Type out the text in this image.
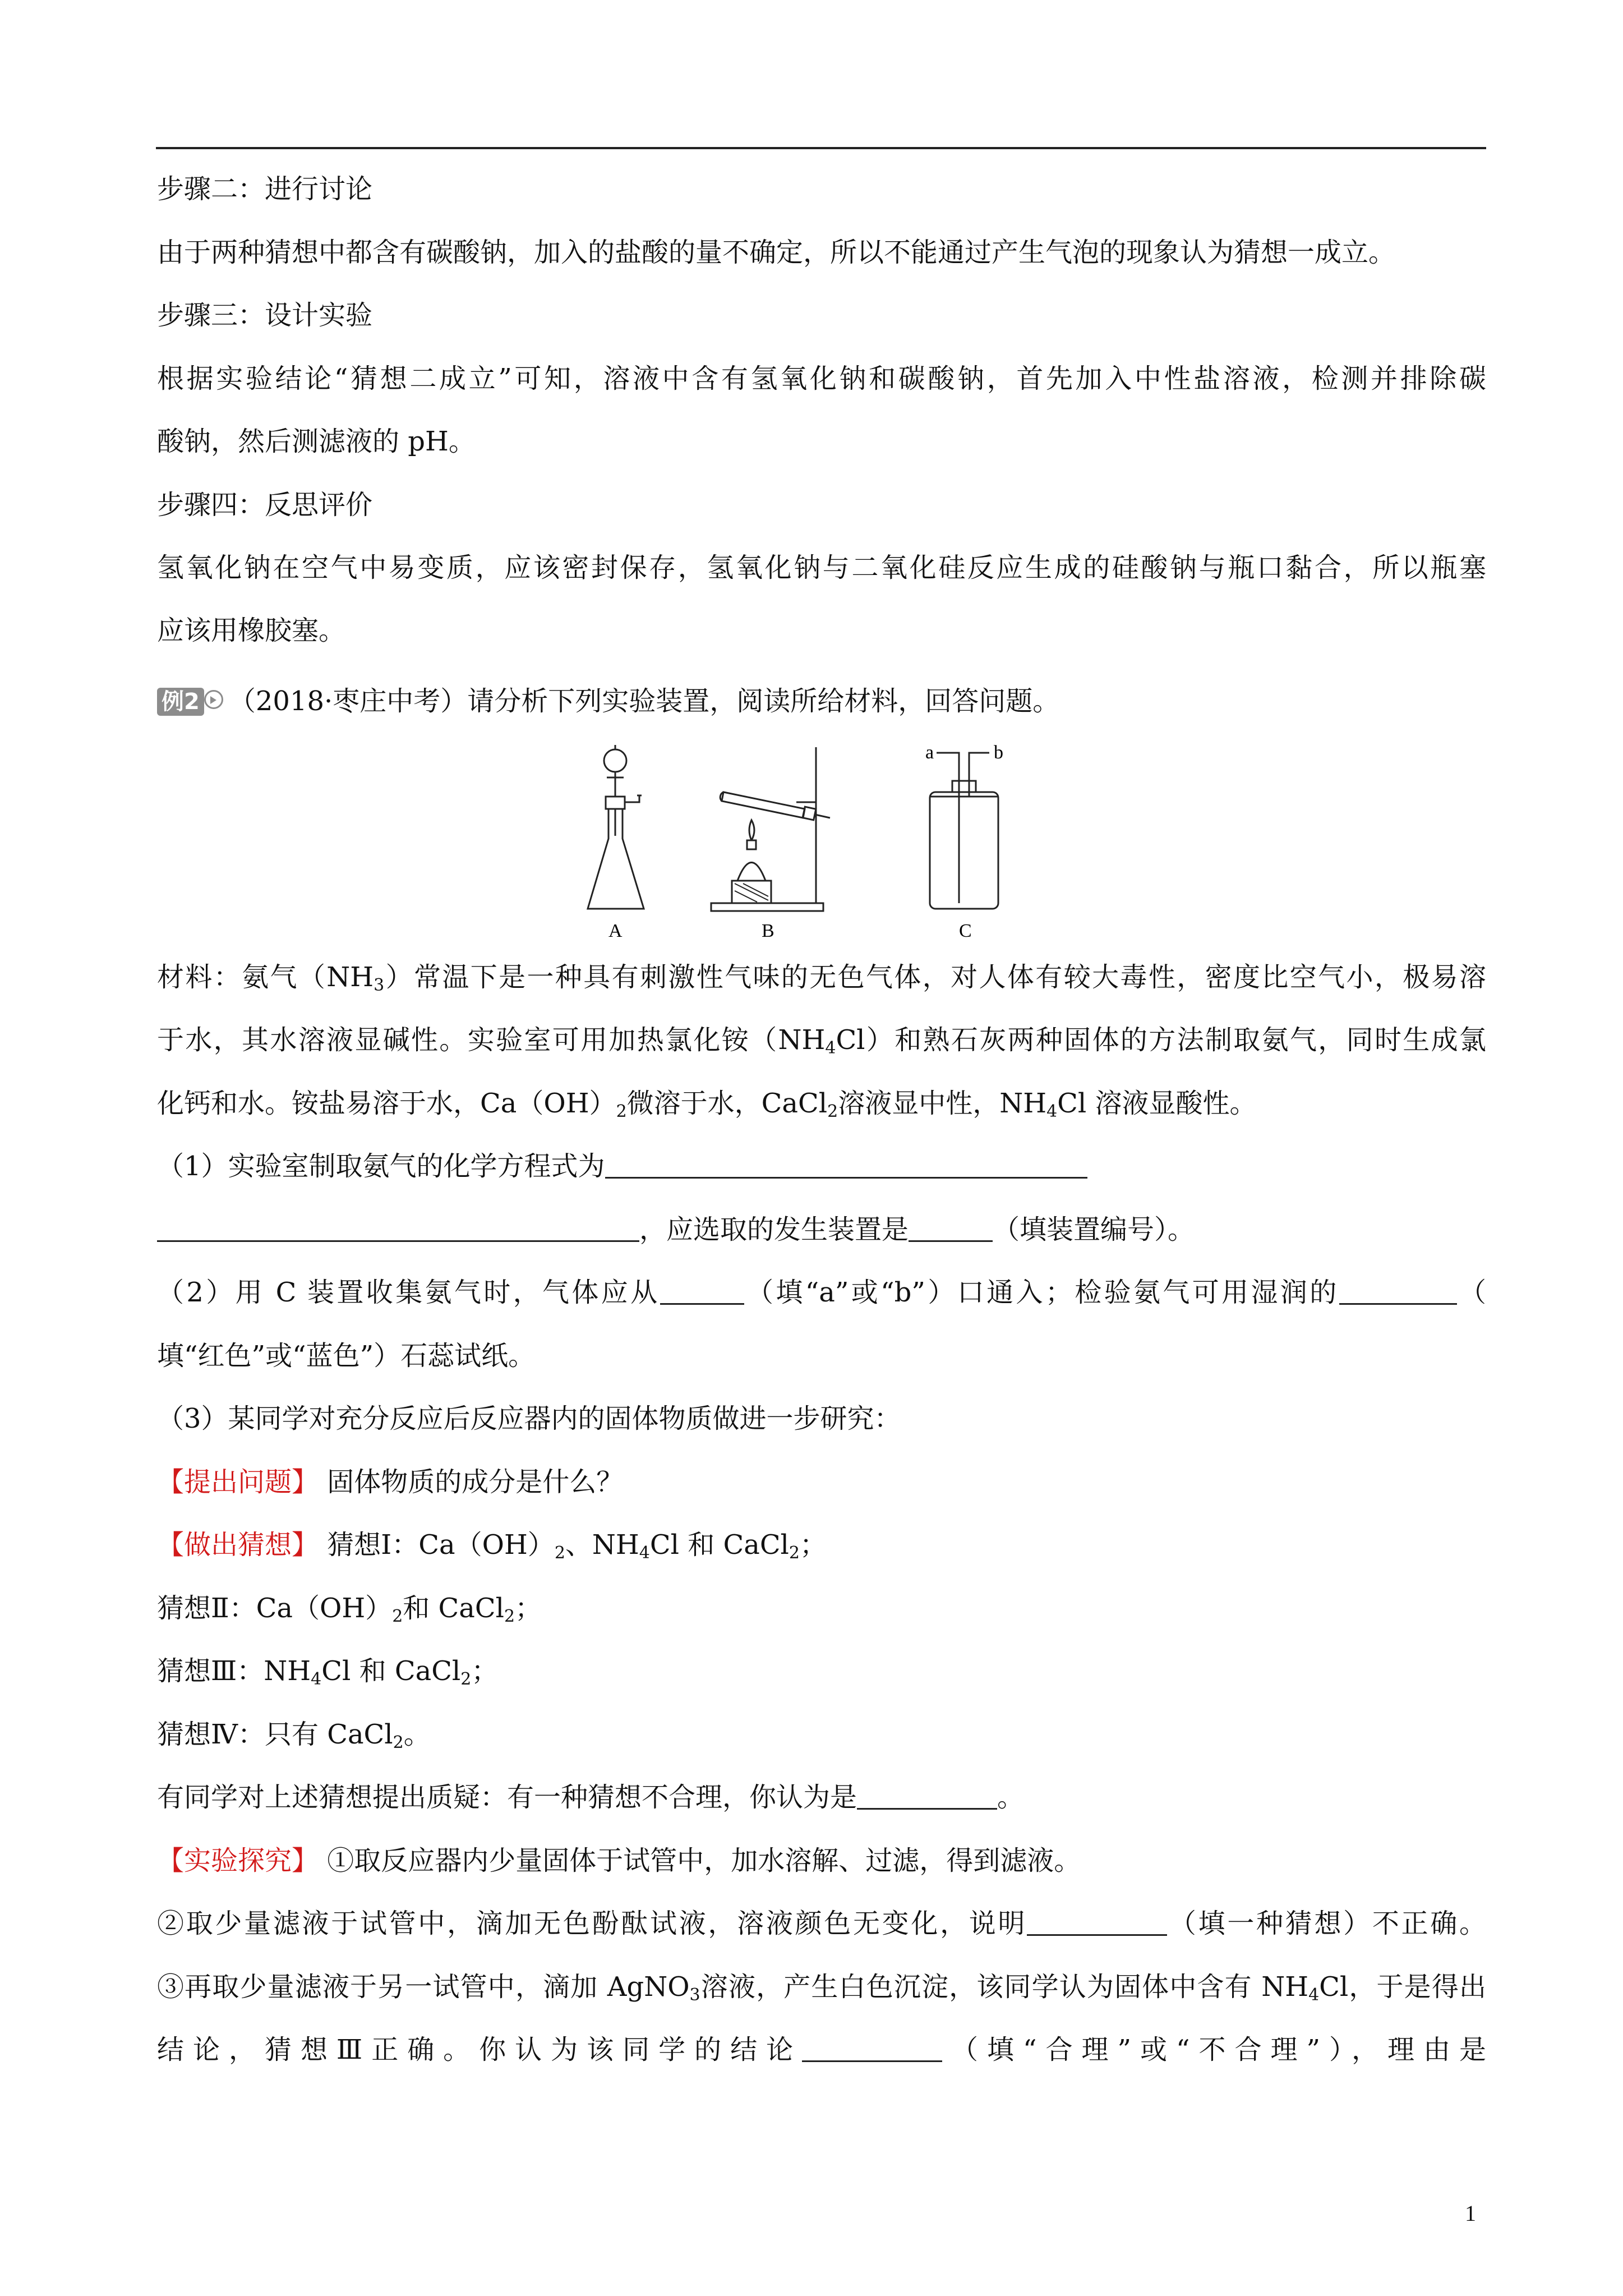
步骤二：进行讨论
由于两种猜想中都含有碳酸钠，加入的盐酸的量不确定，所以不能通过产生气泡的现象认为猜想一成立。
步骤三：设计实验
根据实验结论“猜想二成立”可知，溶液中含有氢氧化钠和碳酸钠，首先加入中性盐溶液，检测并排除碳
酸钠，然后测滤液的 pH。
步骤四：反思评价
氢氧化钠在空气中易变质，应该密封保存，氢氧化钠与二氧化硅反应生成的硅酸钠与瓶口黏合，所以瓶塞
应该用橡胶塞。
例2 （2018·枣庄中考）请分析下列实验装置，阅读所给材料，回答问题。
A	B
a	b
C
材料：氨气$(NH_3)$常温下是一种具有刺激性气味的无色气体，对人体有较大毒性，密度比空气小，极易溶
于水，其水溶液显碱性。实验室可用加热氯化铵$(NH_4Cl)$和熟石灰两种固体的方法制取氨气，同时生成氯
化钙和水。铵盐易溶于水，$Ca(OH)_2$微溶于水，CaCl$_2$溶液显中性，$NH_4Cl$ 溶液显酸性。
（1）实验室制取氨气的化学方程式为
，应选取的发生装置是	（填装置编号）。
（2）用 C 装置收集氨气时，气体应从	（填“a”或“b”）口通入；检验氨气可用湿润的	（
填“红色”或“蓝色”）石蕊试纸。
（3）某同学对充分反应后反应器内的固体物质做进一步研究：
【提出问题】 固体物质的成分是什么？
【做出猜想】 猜想Ⅰ：$Ca(OH)_2$、$NH_4Cl$ 和 CaCl$_2$；
猜想Ⅱ：$Ca(OH)_2$和 CaCl$_2$；
猜想Ⅲ：$NH_4Cl$ 和 CaCl$_2$；
猜想Ⅳ：只有 CaCl$_2$。
有同学对上述猜想提出质疑：有一种猜想不合理，你认为是	。
【实验探究】 ①取反应器内少量固体于试管中，加水溶解、过滤，得到滤液。
②取少量滤液于试管中，滴加无色酚酞试液，溶液颜色无变化，说明	（填一种猜想）不正确。
③再取少量滤液于另一试管中，滴加 AgNO$_3$溶液，产生白色沉淀，该同学认为固体中含有 $NH_4Cl$，于是得出
结论，猜想Ⅲ正确。你认为该同学的结论	（填“合理”或“不合理”），理由是
1
